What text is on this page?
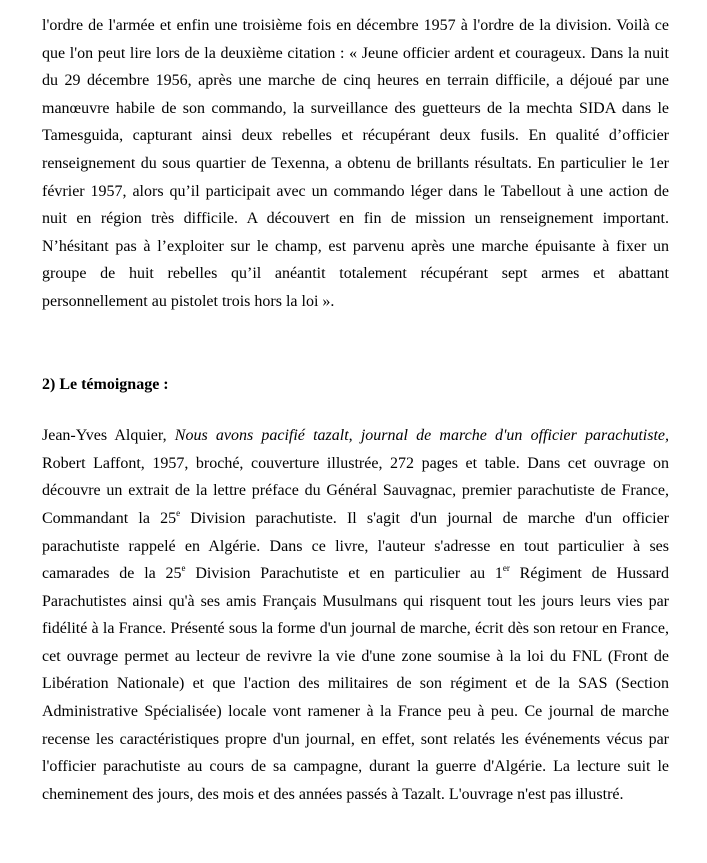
l'ordre de l'armée et enfin une troisième fois en décembre 1957 à l'ordre de la division. Voilà ce
que l'on peut lire lors de la deuxième citation : « Jeune officier ardent et courageux. Dans la nuit
du 29 décembre 1956, après une marche de cinq heures en terrain difficile, a déjoué par une
manœuvre habile de son commando, la surveillance des guetteurs de la mechta SIDA dans le
Tamesguida, capturant ainsi deux rebelles et récupérant deux fusils. En qualité d’officier
renseignement du sous quartier de Texenna, a obtenu de brillants résultats. En particulier le 1er
février 1957, alors qu’il participait avec un commando léger dans le Tabellout à une action de
nuit en région très difficile. A découvert en fin de mission un renseignement important.
N’hésitant pas à l’exploiter sur le champ, est parvenu après une marche épuisante à fixer un
groupe de huit rebelles qu’il anéantit totalement récupérant sept armes et abattant
personnellement au pistolet trois hors la loi ».
2) Le témoignage :
Jean-Yves Alquier, Nous avons pacifié tazalt, journal de marche d'un officier parachutiste,
Robert Laffont, 1957, broché, couverture illustrée, 272 pages et table. Dans cet ouvrage on
découvre un extrait de la lettre préface du Général Sauvagnac, premier parachutiste de France,
Commandant la 25e Division parachutiste. Il s'agit d'un journal de marche d'un officier
parachutiste rappelé en Algérie. Dans ce livre, l'auteur s'adresse en tout particulier à ses
camarades de la 25e Division Parachutiste et en particulier au 1er Régiment de Hussard
Parachutistes ainsi qu'à ses amis Français Musulmans qui risquent tout les jours leurs vies par
fidélité à la France. Présenté sous la forme d'un journal de marche, écrit dès son retour en France,
cet ouvrage permet au lecteur de revivre la vie d'une zone soumise à la loi du FNL (Front de
Libération Nationale) et que l'action des militaires de son régiment et de la SAS (Section
Administrative Spécialisée) locale vont ramener à la France peu à peu. Ce journal de marche
recense les caractéristiques propre d'un journal, en effet, sont relatés les événements vécus par
l'officier parachutiste au cours de sa campagne, durant la guerre d'Algérie. La lecture suit le
cheminement des jours, des mois et des années passés à Tazalt. L'ouvrage n'est pas illustré.
